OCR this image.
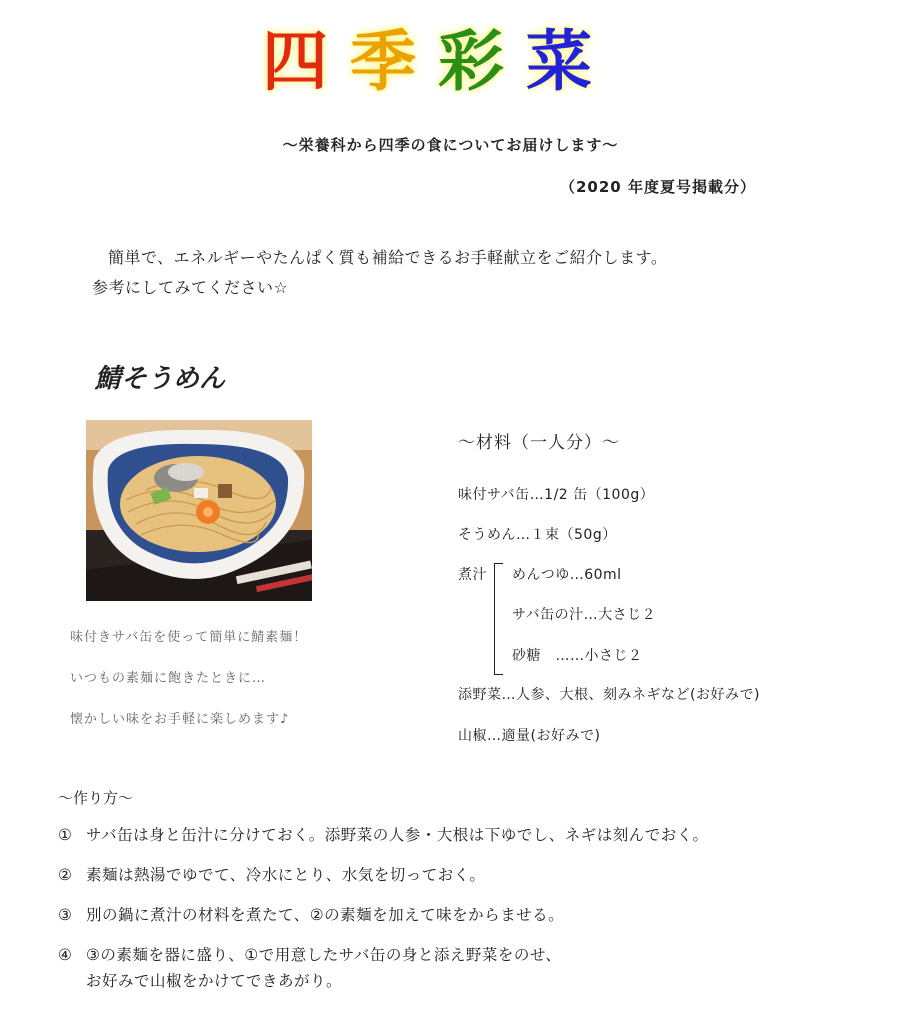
四 季 彩 菜
～栄養科から四季の食についてお届けします～
（2020 年度夏号掲載分）
簡単で、エネルギーやたんぱく質も補給できるお手軽献立をご紹介します。
参考にしてみてください☆
鯖そうめん
味付きサバ缶を使って簡単に鯖素麺！
いつもの素麺に飽きたときに…
懐かしい味をお手軽に楽しめます♪
～材料（一人分）～
味付サバ缶…1/2 缶（100g）
そうめん…１束（50g）
煮汁 めんつゆ…60ml
サバ缶の汁…大さじ２
砂糖　……小さじ２
添野菜…人参、大根、刻みネギなど(お好みで)
山椒…適量(お好みで)
～作り方～
① サバ缶は身と缶汁に分けておく。添野菜の人参・大根は下ゆでし、ネギは刻んでおく。
② 素麺は熱湯でゆでて、冷水にとり、水気を切っておく。
③ 別の鍋に煮汁の材料を煮たて、②の素麺を加えて味をからませる。
④ ③の素麺を器に盛り、①で用意したサバ缶の身と添え野菜をのせ、
お好みで山椒をかけてできあがり。
